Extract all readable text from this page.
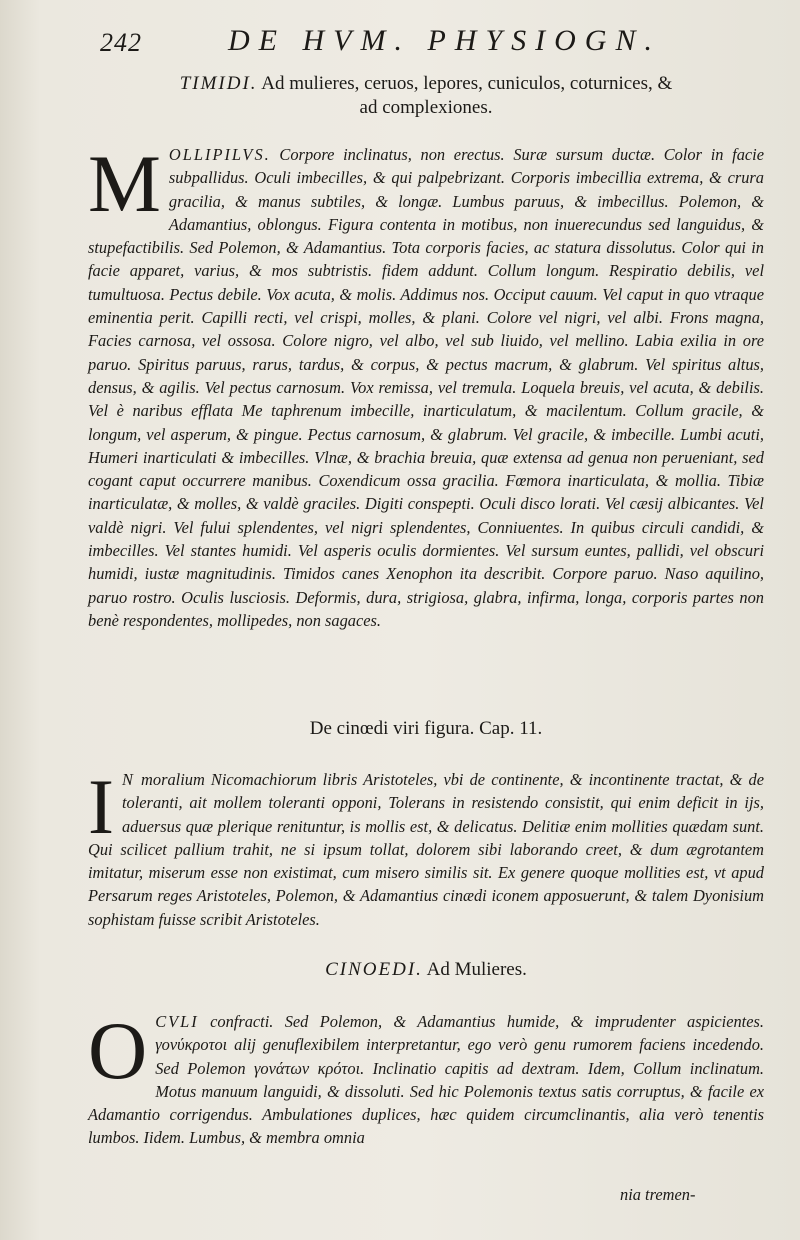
242	DE HVM. PHYSIOGN.
TIMIDI. Ad mulieres, ceruos, lepores, cuniculos, coturnices, &
ad complexiones.

MOLLIPILVS. Corpore inclinatus, non erectus. Suræ sursum ductæ. Color in facie subpallidus. Oculi imbecilles, & qui palpebrizant. Corporis imbecillia extrema, & crura gracilia, & manus subtiles, & longæ. Lumbus paruus, & imbecillus. Polemon, & Adamantius, oblongus. Figura contenta in motibus, non inuerecundus sed languidus, & stupefactibilis. Sed Polemon, & Adamantius. Tota corporis facies, ac statura dissolutus. Color qui in facie apparet, varius, & mos subtristis. fidem addunt. Collum longum. Respiratio debilis, vel tumultuosa. Pectus debile. Vox acuta, & molis. Addimus nos. Occiput cauum. Vel caput in quo vtraque eminentia perit. Capilli recti, vel crispi, molles, & plani. Colore vel nigri, vel albi. Frons magna, Facies carnosa, vel ossosa. Colore nigro, vel albo, vel sub liuido, vel mellino. Labia exilia in ore paruo. Spiritus paruus, rarus, tardus, & corpus, & pectus macrum, & glabrum. Vel spiritus altus, densus, & agilis. Vel pectus carnosum. Vox remissa, vel tremula. Loquela breuis, vel acuta, & debilis. Vel è naribus efflata Me taphrenum imbecille, inarticulatum, & macilentum. Collum gracile, & longum, vel asperum, & pingue. Pectus carnosum, & glabrum. Vel gracile, & imbecille. Lumbi acuti, Humeri inarticulati & imbecilles. Vlnæ, & brachia breuia, quæ extensa ad genua non perueniant, sed cogant caput occurrere manibus. Coxendicum ossa gracilia. Fœmora inarticulata, & mollia. Tibiæ inarticulatæ, & molles, & valdè graciles. Digiti conspepti. Oculi disco lorati. Vel cæsij albicantes. Vel valdè nigri. Vel fului splendentes, vel nigri splendentes, Conniuentes. In quibus circuli candidi, & imbecilles. Vel stantes humidi. Vel asperis oculis dormientes. Vel sursum euntes, pallidi, vel obscuri humidi, iustæ magnitudinis. Timidos canes Xenophon ita describit. Corpore paruo. Naso aquilino, paruo rostro. Oculis lusciosis. Deformis, dura, strigiosa, glabra, infirma, longa, corporis partes non benè respondentes, mollipedes, non sagaces.

De cinœdi viri figura. Cap. 11.

I N moralium Nicomachiorum libris Aristoteles, vbi de continente, & incontinente tractat, & de toleranti, ait mollem toleranti opponi, Tolerans in resistendo consistit, qui enim deficit in ijs, aduersus quæ plerique renituntur, is mollis est, & delicatus. Delitiæ enim mollities quædam sunt. Qui scilicet pallium trahit, ne si ipsum tollat, dolorem sibi laborando creet, & dum ægrotantem imitatur, miserum esse non existimat, cum misero similis sit. Ex genere quoque mollities est, vt apud Persarum reges Aristoteles, Polemon, & Adamantius cinædi iconem apposuerunt, & talem Dyonisium sophistam fuisse scribit Aristoteles.

CINOEDI. Ad Mulieres.

OCVLI confracti. Sed Polemon, & Adamantius humide, & imprudenter aspicientes. γονύκροτοι alij genuflexibilem interpretantur, ego verò genu rumorem faciens incedendo. Sed Polemon γονάτων κρότοι. Inclinatio capitis ad dextram. Idem, Collum inclinatum. Motus manuum languidi, & dissoluti. Sed hic Polemonis textus satis corruptus, & facile ex Adamantio corrigendus. Ambulationes duplices, hæc quidem circumclinantis, alia verò tenentis lumbos. Iidem. Lumbus, & membra omnia

nia tremen-
